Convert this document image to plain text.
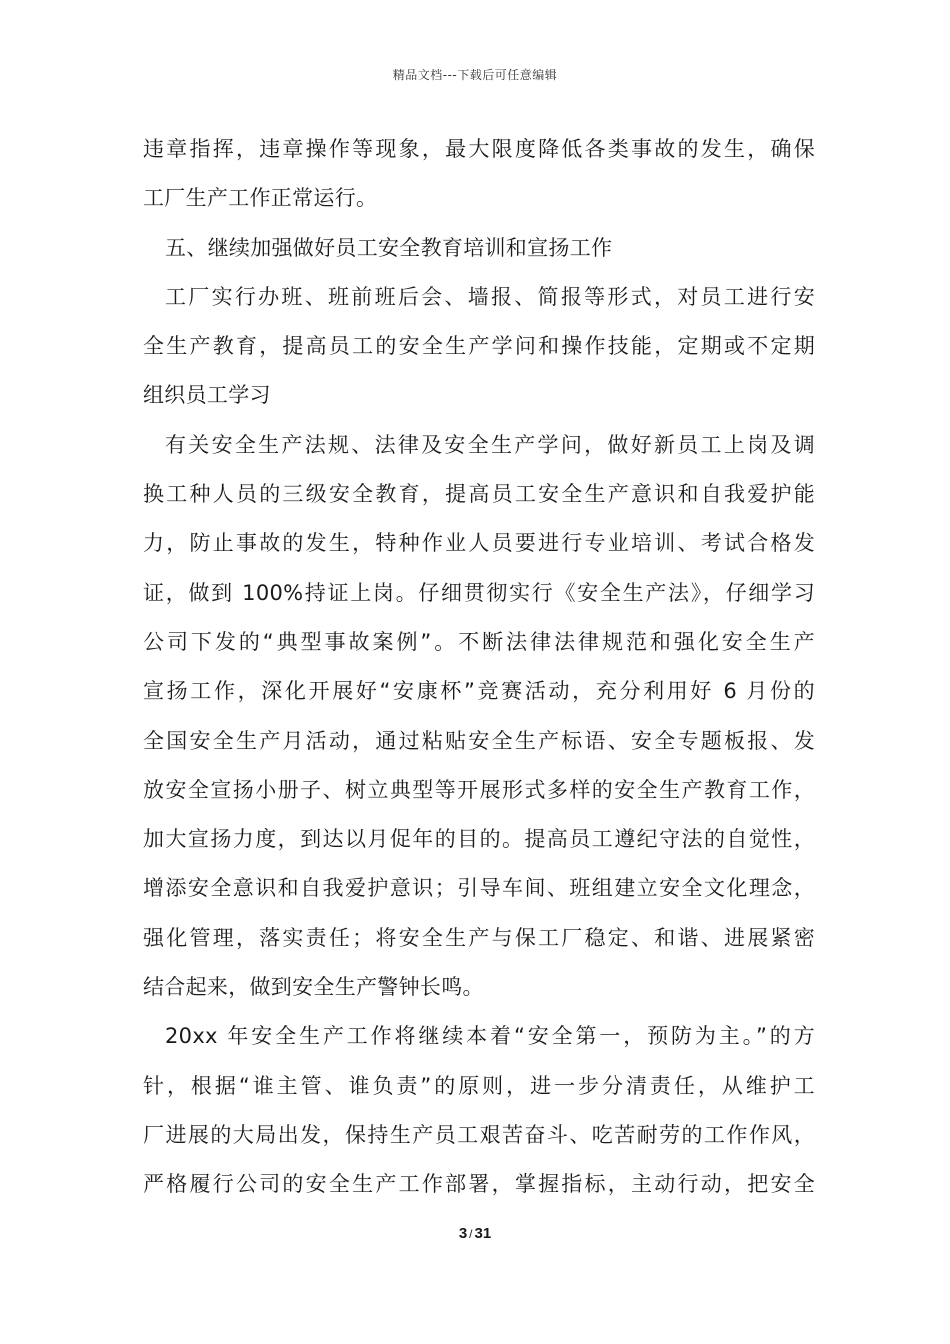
精品文档---下载后可任意编辑
违章指挥，违章操作等现象，最大限度降低各类事故的发生，确保
工厂生产工作正常运行。
五、继续加强做好员工安全教育培训和宣扬工作
工厂实行办班、班前班后会、墙报、简报等形式，对员工进行安
全生产教育，提高员工的安全生产学问和操作技能，定期或不定期
组织员工学习
有关安全生产法规、法律及安全生产学问，做好新员工上岗及调
换工种人员的三级安全教育，提高员工安全生产意识和自我爱护能
力，防止事故的发生，特种作业人员要进行专业培训、考试合格发
证，做到 100%持证上岗。仔细贯彻实行《安全生产法》，仔细学习
公司下发的“典型事故案例”。不断法律法律规范和强化安全生产
宣扬工作，深化开展好“安康杯”竞赛活动，充分利用好 6 月份的
全国安全生产月活动，通过粘贴安全生产标语、安全专题板报、发
放安全宣扬小册子、树立典型等开展形式多样的安全生产教育工作，
加大宣扬力度，到达以月促年的目的。提高员工遵纪守法的自觉性，
增添安全意识和自我爱护意识；引导车间、班组建立安全文化理念，
强化管理，落实责任；将安全生产与保工厂稳定、和谐、进展紧密
结合起来，做到安全生产警钟长鸣。
20xx 年安全生产工作将继续本着“安全第一，预防为主。”的方
针，根据“谁主管、谁负责”的原则，进一步分清责任，从维护工
厂进展的大局出发，保持生产员工艰苦奋斗、吃苦耐劳的工作作风，
严格履行公司的安全生产工作部署，掌握指标，主动行动，把安全
3 / 31
